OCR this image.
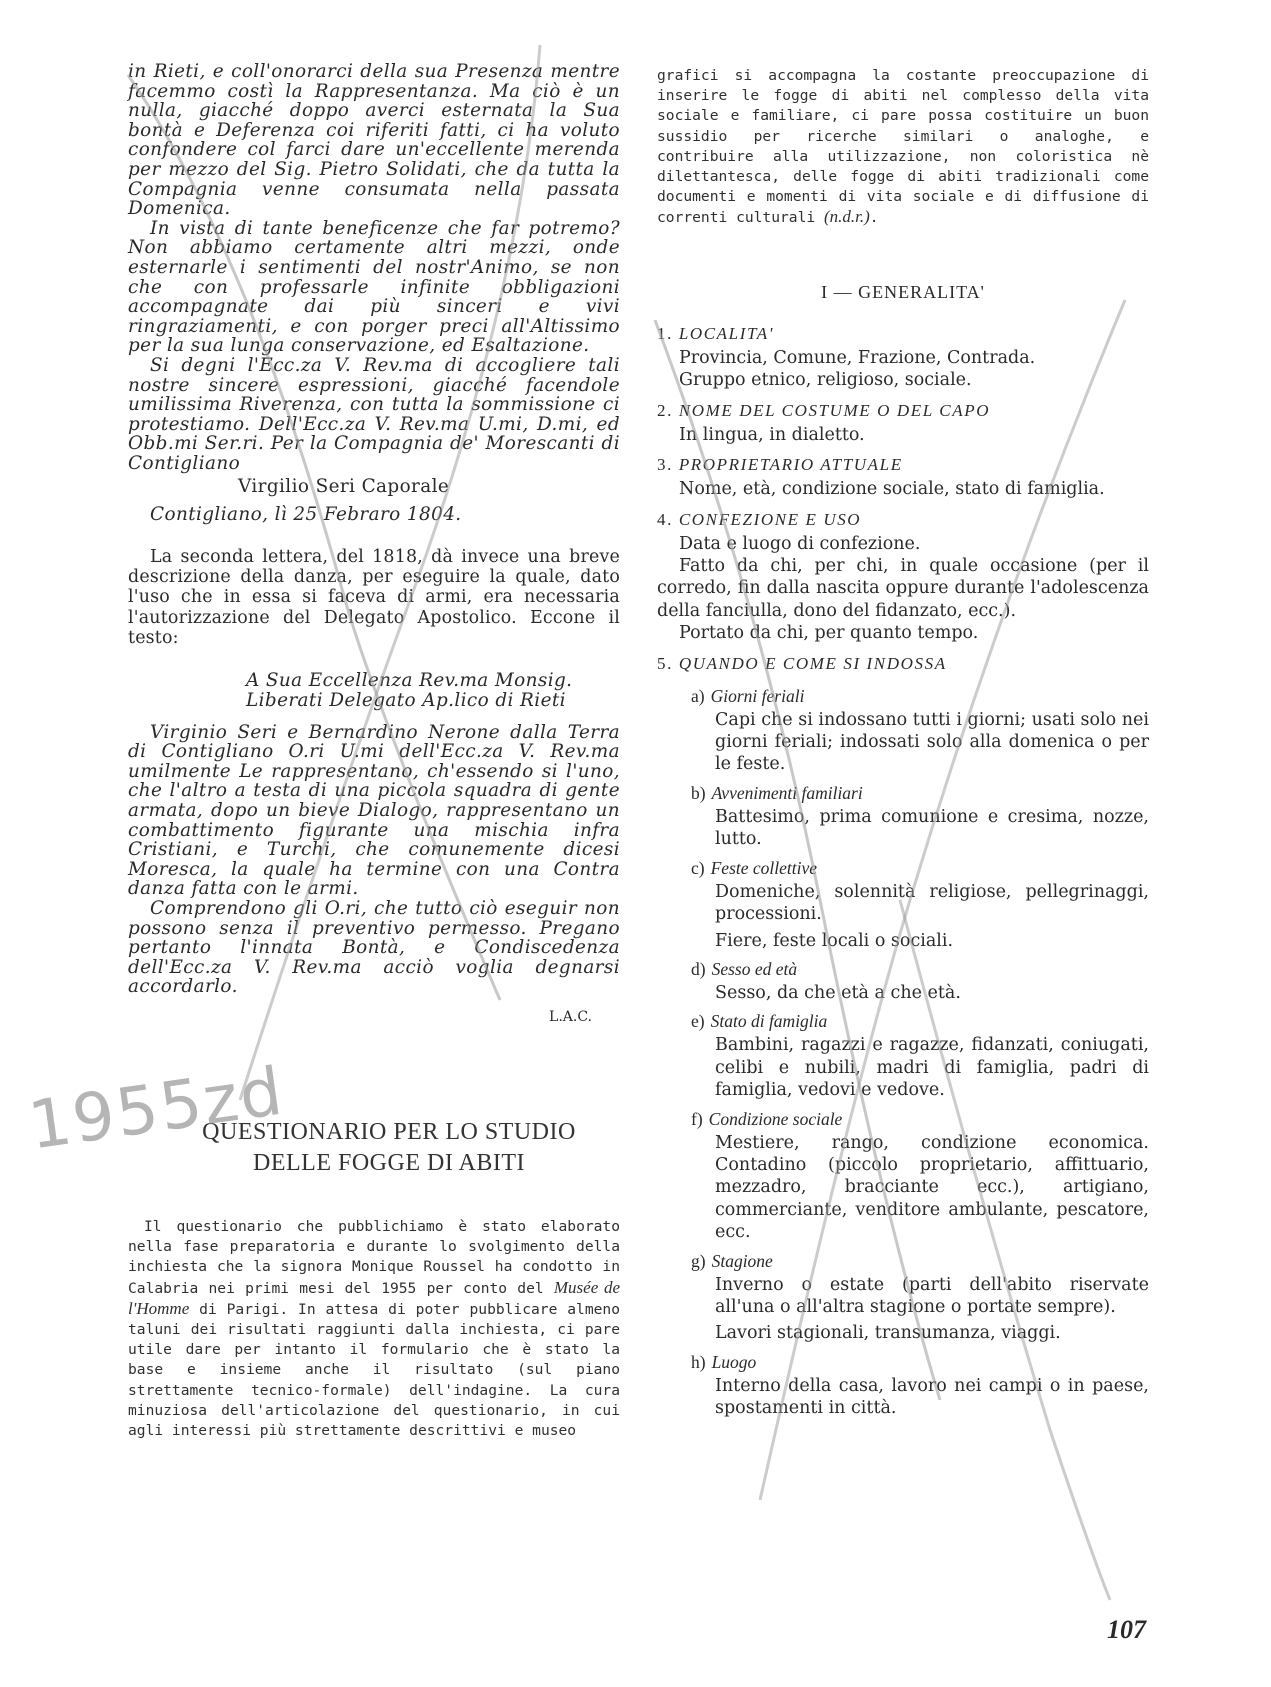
in Rieti, e coll'onorarci della sua Presenza mentre facemmo costì la Rappresentanza. Ma ciò è un nulla, giacché doppo averci esternata la Sua bontà e Deferenza coi riferiti fatti, ci ha voluto confondere col farci dare un'eccellente merenda per mezzo del Sig. Pietro Solidati, che da tutta la Compagnia venne consumata nella passata Domenica.

In vista di tante beneficenze che far potremo? Non abbiamo certamente altri mezzi, onde esternarle i sentimenti del nostr'Animo, se non che con professarle infinite obbligazioni accompagnate dai più sinceri e vivi ringraziamenti, e con porger preci all'Altissimo per la sua lunga conservazione, ed Esaltazione.

Si degni l'Ecc.za V. Rev.ma di accogliere tali nostre sincere espressioni, giacché facendole umilissima Riverenza, con tutta la sommissione ci protestiamo. Dell'Ecc.za V. Rev.ma U.mi, D.mi, ed Obb.mi Ser.ri. Per la Compagnia de' Morescanti di Contigliano

Virgilio Seri Caporale

Contigliano, lì 25 Febraro 1804.

La seconda lettera, del 1818, dà invece una breve descrizione della danza, per eseguire la quale, dato l'uso che in essa si faceva di armi, era necessaria l'autorizzazione del Delegato Apostolico. Eccone il testo:

A Sua Eccellenza Rev.ma Monsig.
Liberati Delegato Ap.lico di Rieti

Virginio Seri e Bernardino Nerone dalla Terra di Contigliano O.ri U.mi dell'Ecc.za V. Rev.ma umilmente Le rappresentano, ch'essendo si l'uno, che l'altro a testa di una piccola squadra di gente armata, dopo un bieve Dialogo, rappresentano un combattimento figurante una mischia infra Cristiani, e Turchi, che comunemente dicesi Moresca, la quale ha termine con una Contra danza fatta con le armi.

Comprendono gli O.ri, che tutto ciò eseguir non possono senza il preventivo permesso. Pregano pertanto l'innata Bontà, e Condiscedenza dell'Ecc.za V. Rev.ma acciò voglia degnarsi accordarlo.

L.A.C.
QUESTIONARIO PER LO STUDIO
DELLE FOGGE DI ABITI

Il questionario che pubblichiamo è stato elaborato nella fase preparatoria e durante lo svolgimento della inchiesta che la signora Monique Roussel ha condotto in Calabria nei primi mesi del 1955 per conto del Musée de l'Homme di Parigi. In attesa di poter pubblicare almeno taluni dei risultati raggiunti dalla inchiesta, ci pare utile dare per intanto il formulario che è stato la base e insieme anche il risultato (sul piano strettamente tecnico-formale) dell'indagine. La cura minuziosa dell'articolazione del questionario, in cui agli interessi più strettamente descrittivi e museo

grafici si accompagna la costante preoccupazione di inserire le fogge di abiti nel complesso della vita sociale e familiare, ci pare possa costituire un buon sussidio per ricerche similari o analoghe, e contribuire alla utilizzazione, non coloristica nè dilettantesca, delle fogge di abiti tradizionali come documenti e momenti di vita sociale e di diffusione di correnti culturali (n.d.r.).

I — GENERALITA'
1. LOCALITA'

Provincia, Comune, Frazione, Contrada.

Gruppo etnico, religioso, sociale.

2. NOME DEL COSTUME O DEL CAPO

In lingua, in dialetto.

3. PROPRIETARIO ATTUALE

Nome, età, condizione sociale, stato di famiglia.

4. CONFEZIONE E USO

Data e luogo di confezione.

Fatto da chi, per chi, in quale occasione (per il corredo, fin dalla nascita oppure durante l'adolescenza della fanciulla, dono del fidanzato, ecc.).

Portato da chi, per quanto tempo.

5. QUANDO E COME SI INDOSSA
a) Giorni feriali

Capi che si indossano tutti i giorni; usati solo nei giorni feriali; indossati solo alla domenica o per le feste.

b) Avvenimenti familiari

Battesimo, prima comunione e cresima, nozze, lutto.

c) Feste collettive

Domeniche, solennità religiose, pellegrinaggi, processioni.

Fiere, feste locali o sociali.

d) Sesso ed età

Sesso, da che età a che età.

e) Stato di famiglia

Bambini, ragazzi e ragazze, fidanzati, coniugati, celibi e nubili, madri di famiglia, padri di famiglia, vedovi e vedove.

f) Condizione sociale

Mestiere, rango, condizione economica. Contadino (piccolo proprietario, affittuario, mezzadro, bracciante ecc.), artigiano, commerciante, venditore ambulante, pescatore, ecc.

g) Stagione

Inverno o estate (parti dell'abito riservate all'una o all'altra stagione o portate sempre).

Lavori stagionali, transumanza, viaggi.

h) Luogo

Interno della casa, lavoro nei campi o in paese, spostamenti in città.

1955zd
107
